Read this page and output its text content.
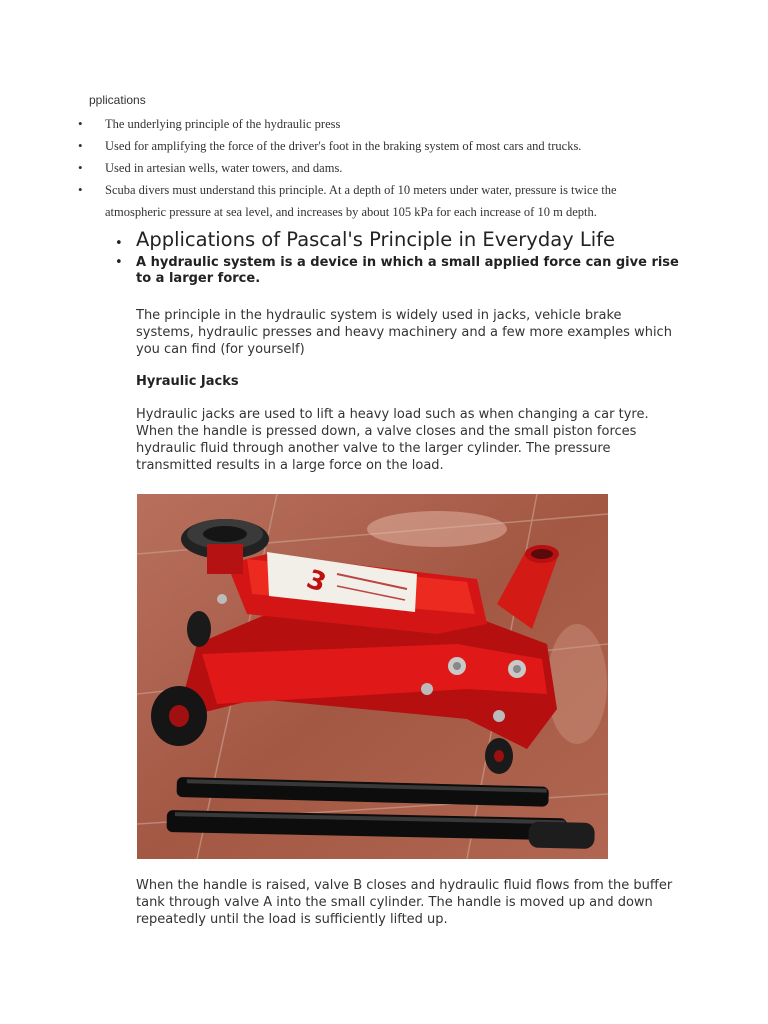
pplications
• The underlying principle of the hydraulic press
• Used for amplifying the force of the driver's foot in the braking system of most cars and trucks.
• Used in artesian wells, water towers, and dams.
• Scuba divers must understand this principle. At a depth of 10 meters under water, pressure is twice the atmospheric pressure at sea level, and increases by about 105 kPa for each increase of 10 m depth.
• Applications of Pascal's Principle in Everyday Life
• A hydraulic system is a device in which a small applied force can give rise to a larger force.
The principle in the hydraulic system is widely used in jacks, vehicle brake systems, hydraulic presses and heavy machinery and a few more examples which you can find (for yourself)
Hyraulic Jacks
Hydraulic jacks are used to lift a heavy load such as when changing a car tyre. When the handle is pressed down, a valve closes and the small piston forces hydraulic fluid through another valve to the larger cylinder. The pressure transmitted results in a large force on the load.
3
When the handle is raised, valve B closes and hydraulic fluid flows from the buffer tank through valve A into the small cylinder. The handle is moved up and down repeatedly until the load is sufficiently lifted up.
